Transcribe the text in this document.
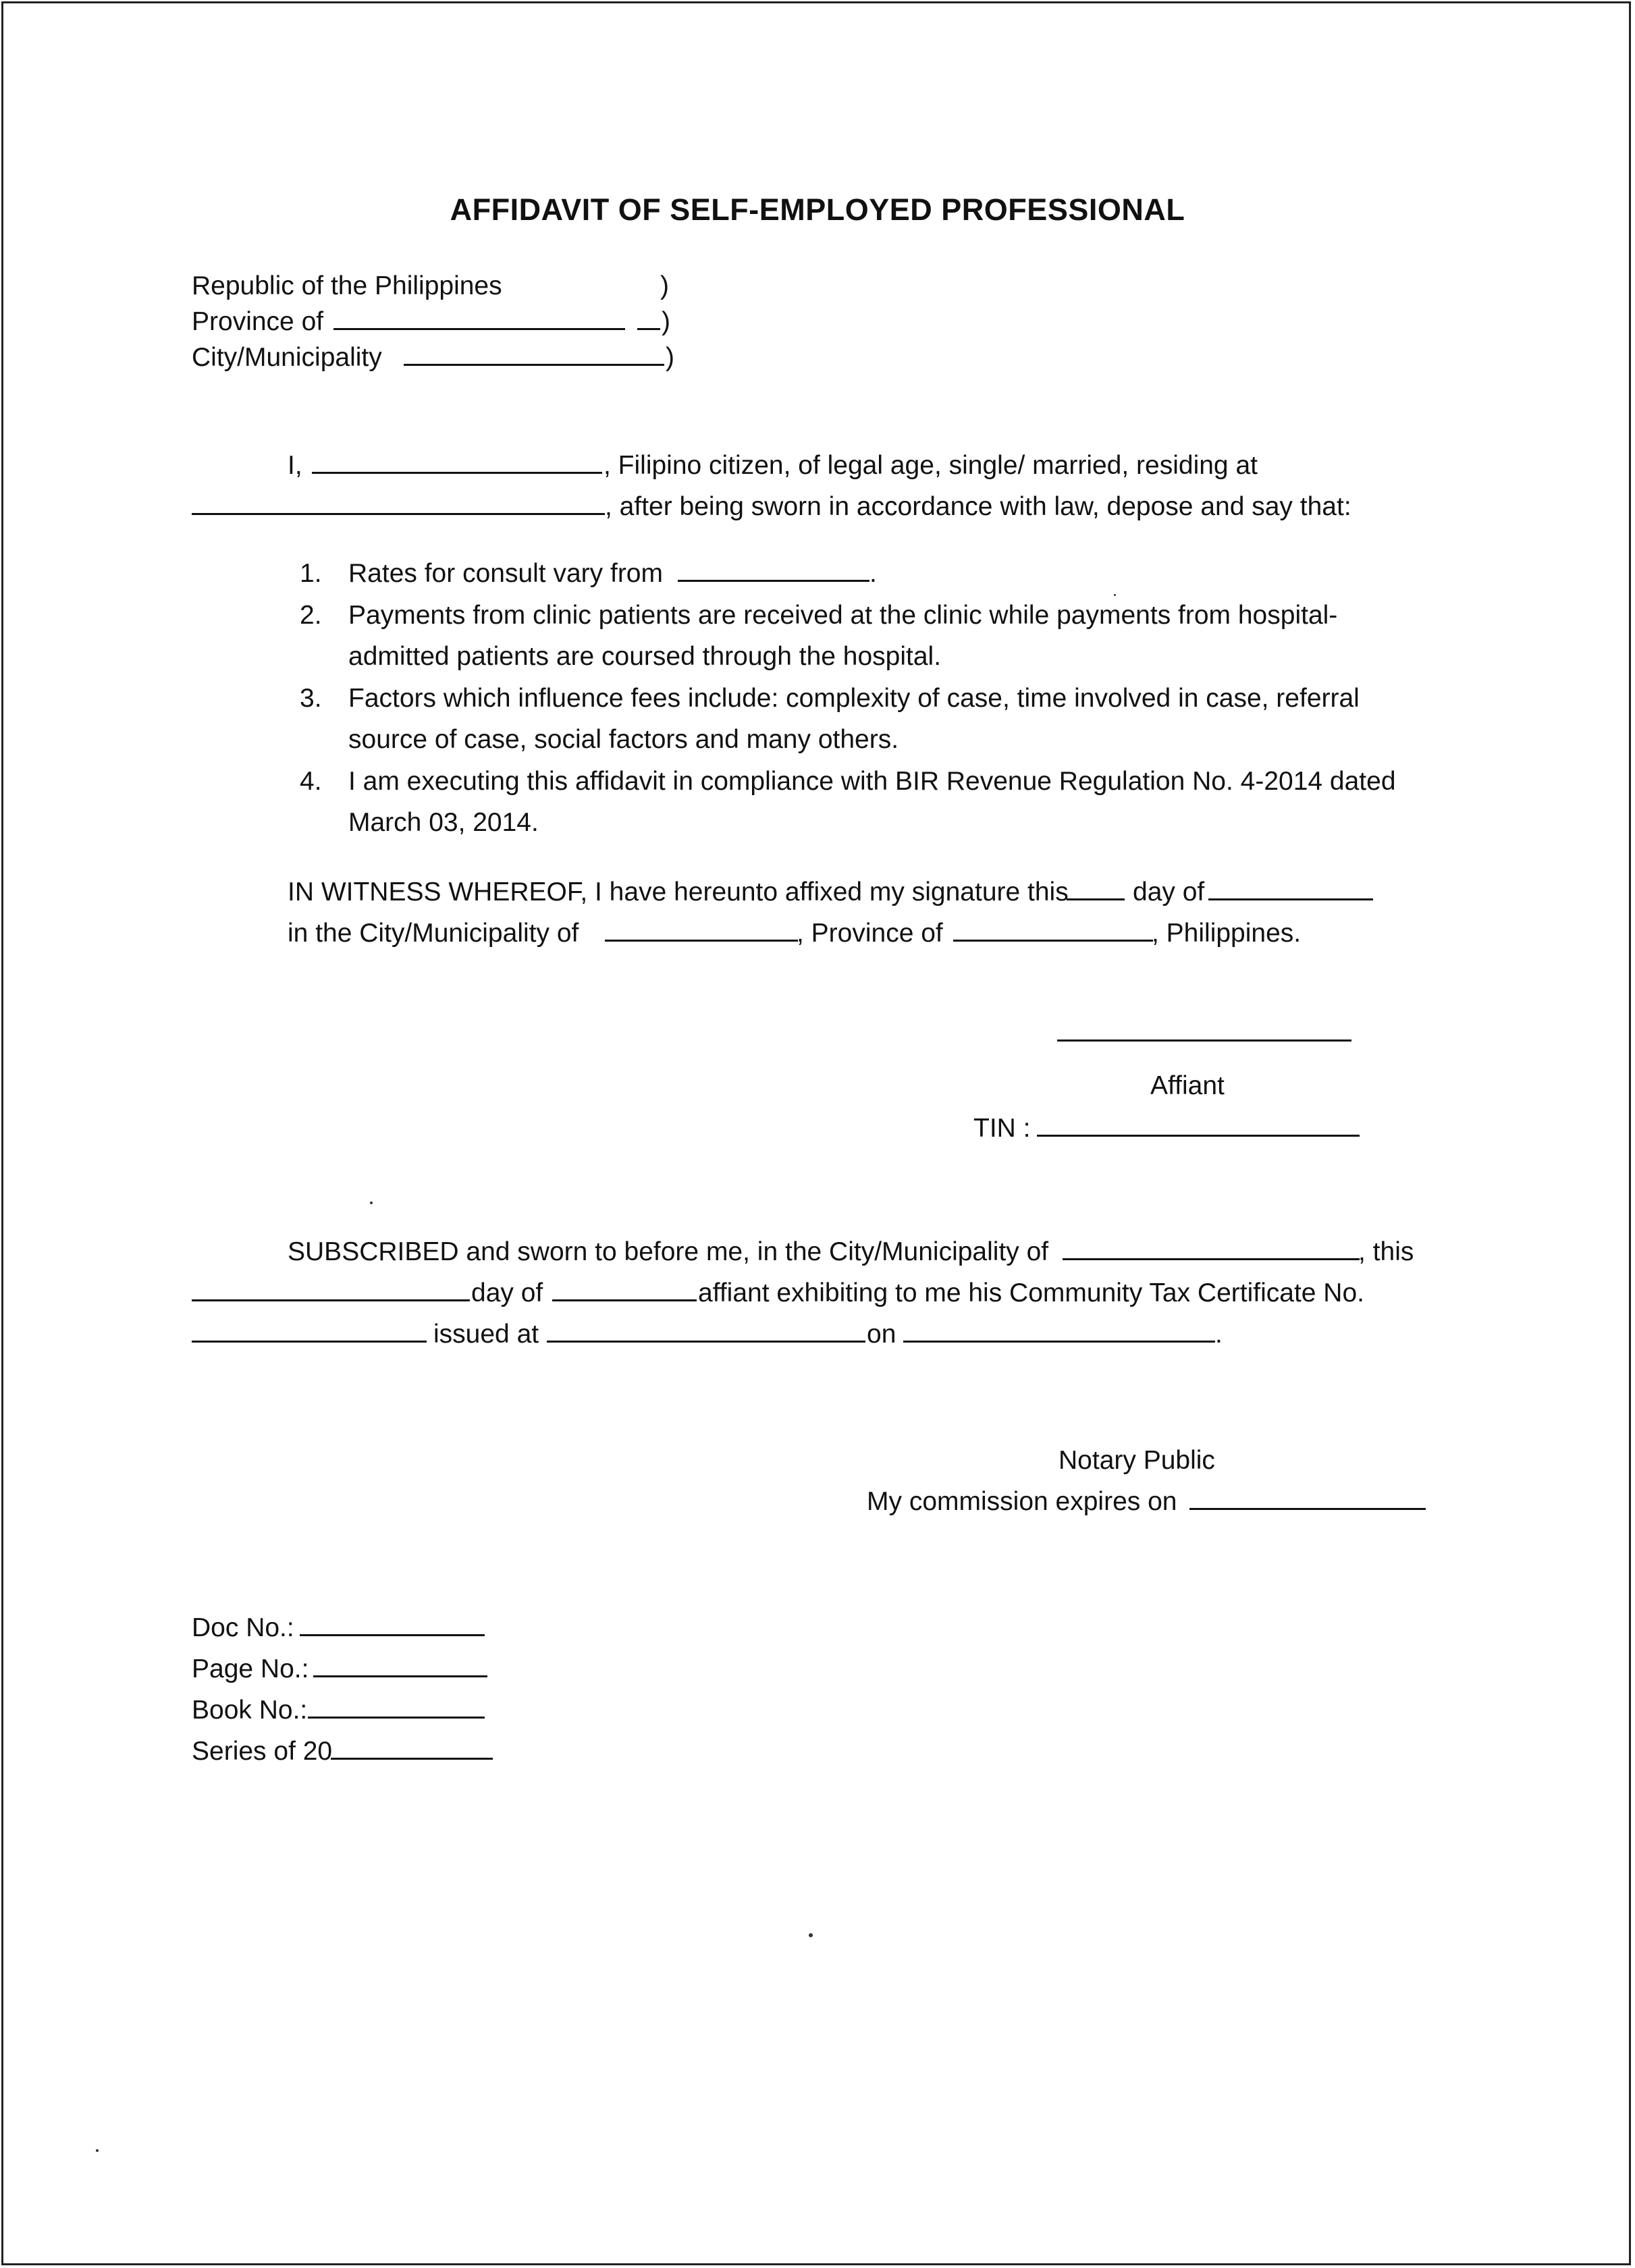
AFFIDAVIT OF SELF-EMPLOYED PROFESSIONAL
Republic of the Philippines	)
Province of	)
City/Municipality	)
I,	, Filipino citizen, of legal age, single/ married, residing at
, after being sworn in accordance with law, depose and say that:
1. Rates for consult vary from	.
2. Payments from clinic patients are received at the clinic while payments from hospital-
admitted patients are coursed through the hospital.
3. Factors which influence fees include: complexity of case, time involved in case, referral
source of case, social factors and many others.
4. I am executing this affidavit in compliance with BIR Revenue Regulation No. 4-2014 dated
March 03, 2014.
IN WITNESS WHEREOF, I have hereunto affixed my signature this day of
in the City/Municipality of	, Province of	, Philippines.
Affiant
TIN :
SUBSCRIBED and sworn to before me, in the City/Municipality of	, this
day of	affiant exhibiting to me his Community Tax Certificate No.
issued at	on	.
Notary Public
My commission expires on
Doc No.:
Page No.:
Book No.:
Series of 20
